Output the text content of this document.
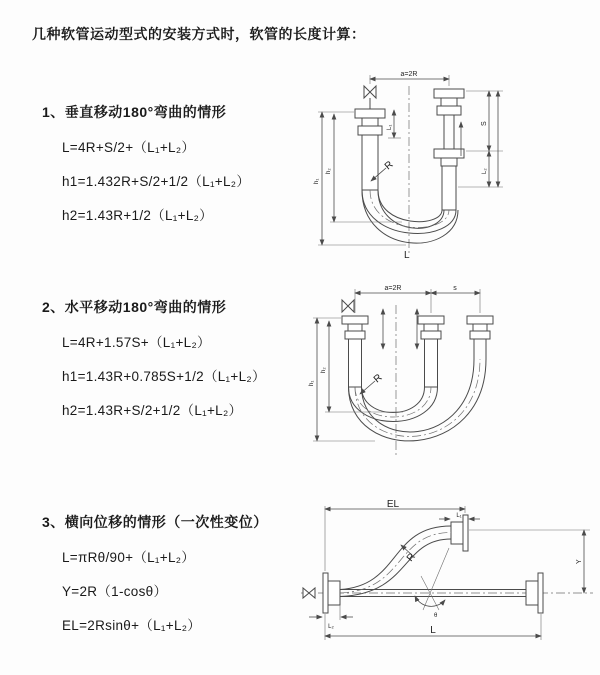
几种软管运动型式的安装方式时，软管的长度计算：
1、垂直移动180°弯曲的情形
L=4R+S/2+（L₁+L₂）
h1=1.432R+S/2+1/2（L₁+L₂）
h2=1.43R+1/2（L₁+L₂）
2、水平移动180°弯曲的情形
L=4R+1.57S+（L₁+L₂）
h1=1.43R+0.785S+1/2（L₁+L₂）
h2=1.43R+S/2+1/2（L₁+L₂）
3、横向位移的情形（一次性变位）
L=πRθ/90+（L₁+L₂）
Y=2R（1-cosθ）
EL=2Rsinθ+（L₁+L₂）
a=2R
h₁
h₂
L₁
S
L₂
R
L
a=2R	s
h₁
h₂
R
θ
R
EL
L₁
Y
L
L₂
